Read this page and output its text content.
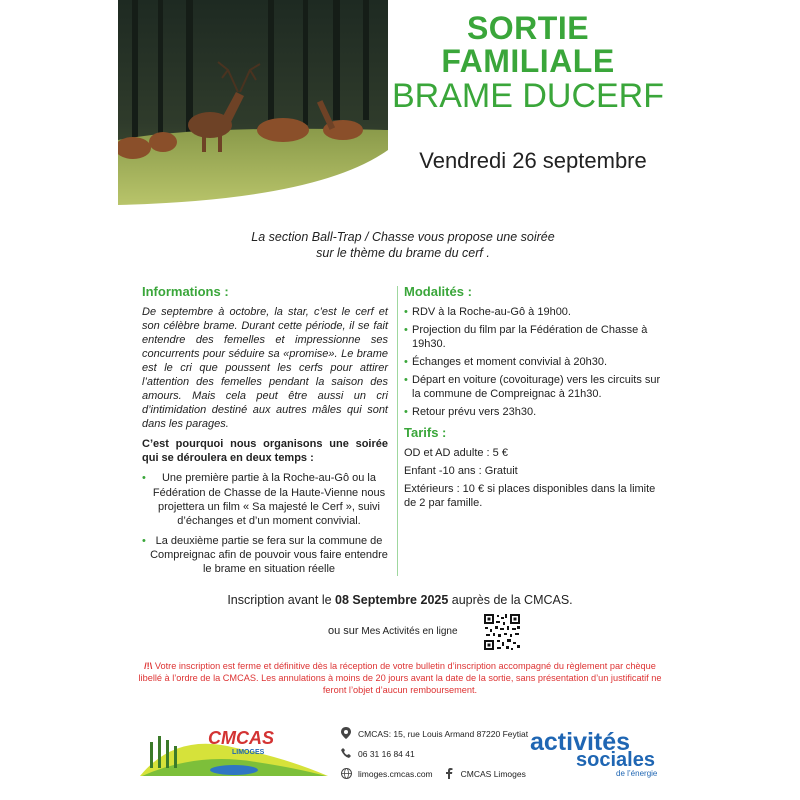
SORTIE
FAMILIALE
BRAME DUCERF
Vendredi 26 septembre
La section Ball-Trap / Chasse vous propose une soirée
sur le thème du brame du cerf .
Informations :
De septembre à octobre, la star, c’est le cerf et son célèbre brame. Durant cette période, il se fait entendre des femelles et impressionne ses concurrents pour séduire sa «promise». Le brame est le cri que poussent les cerfs pour attirer l’attention des femelles pendant la saison des amours. Mais cela peut être aussi un cri d’intimidation destiné aux autres mâles qui sont dans les parages.
C’est pourquoi nous organisons une soirée qui se déroulera en deux temps :
• Une première partie à la Roche-au-Gô ou la Fédération de Chasse de la Haute-Vienne nous projettera un film « Sa majesté le Cerf », suivi d’échanges et d’un moment convivial.
• La deuxième partie se fera sur la commune de Compreignac afin de pouvoir vous faire entendre le brame en situation réelle
Modalités :
• RDV à la Roche-au-Gô à 19h00.
• Projection du film par la Fédération de Chasse à 19h30.
• Échanges et moment convivial à 20h30.
• Départ en voiture (covoiturage) vers les circuits sur la commune de Compreignac à 21h30.
• Retour prévu vers 23h30.
Tarifs :
OD et AD adulte : 5 €
Enfant -10 ans : Gratuit
Extérieurs : 10 € si places disponibles dans la limite de 2 par famille.
Inscription avant le 08 Septembre 2025 auprès de la CMCAS.
ou sur Mes Activités en ligne
/!\ Votre inscription est ferme et définitive dès la réception de votre bulletin d’inscription accompagné du règlement par chèque libellé à l’ordre de la CMCAS. Les annulations à moins de 20 jours avant la date de la sortie, sans présentation d’un justificatif ne feront l’objet d’aucun remboursement.
CMCAS
LIMOGES
CMCAS: 15, rue Louis Armand 87220 Feytiat
06 31 16 84 41
limoges.cmcas.com	CMCAS Limoges
activités
sociales
de l’énergie
